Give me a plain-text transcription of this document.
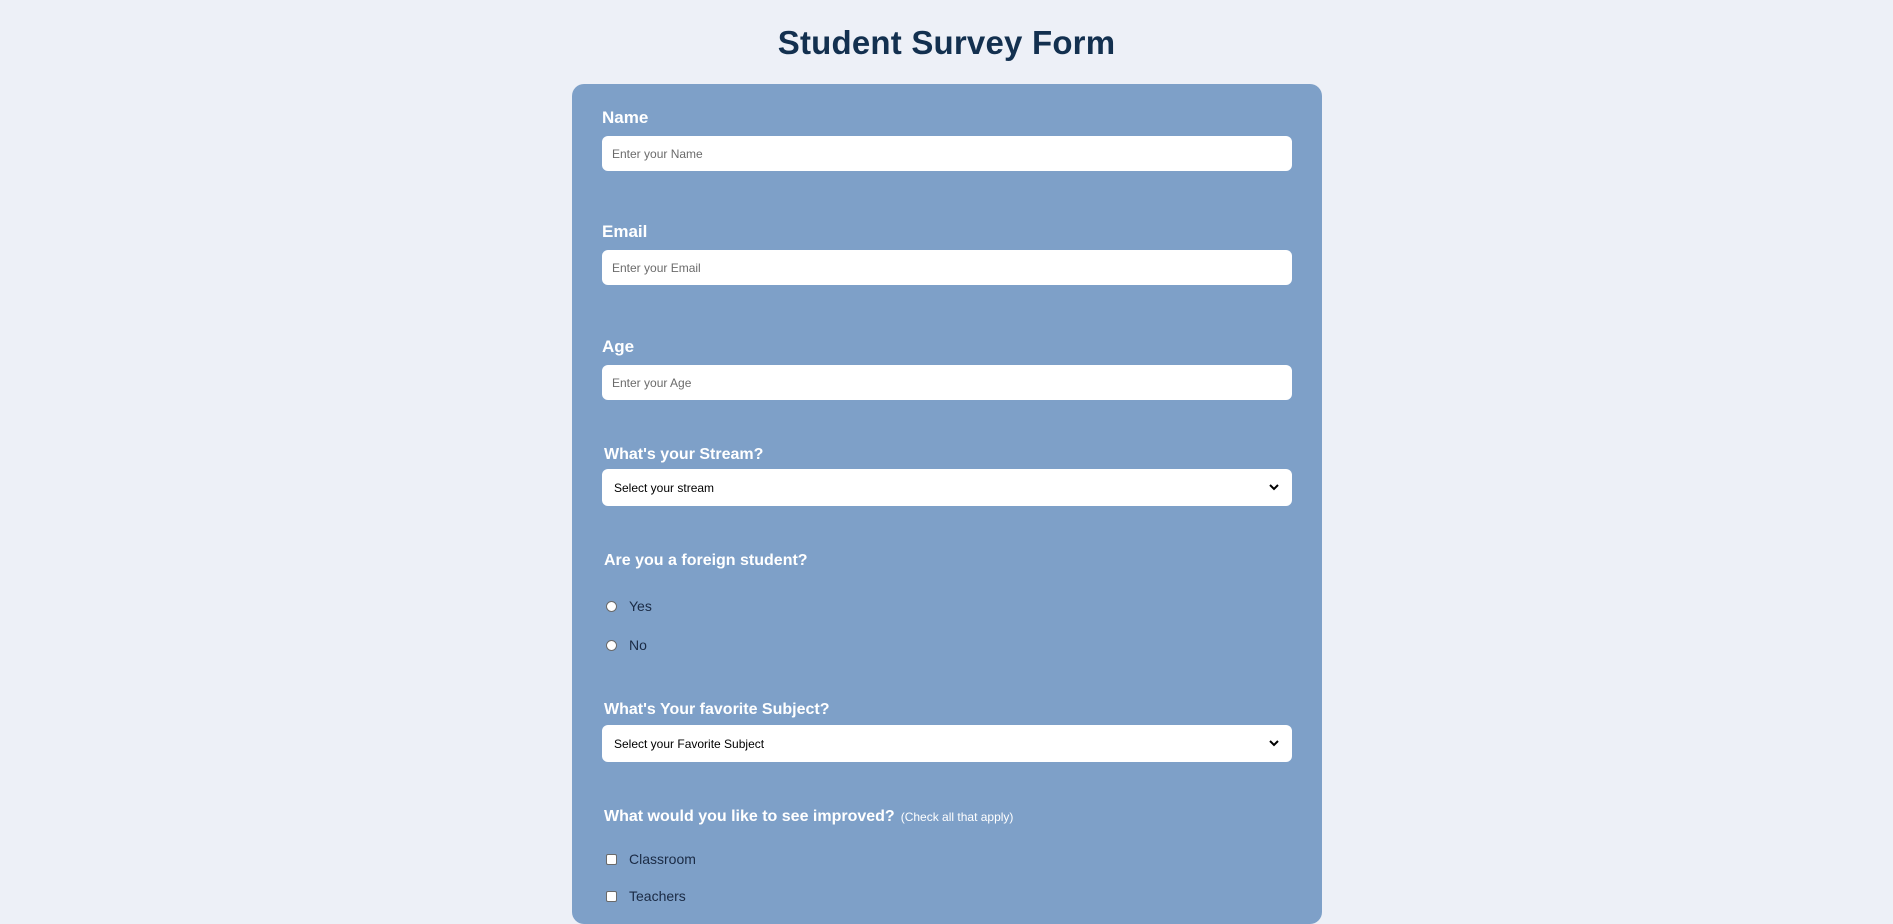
Student Survey Form
Name
Enter your Name
Email
Enter your Email
Age
Enter your Age
What's your Stream?
Select your stream
Are you a foreign student?
Yes
No
What's Your favorite Subject?
Select your Favorite Subject
What would you like to see improved? (Check all that apply)
Classroom
Teachers
